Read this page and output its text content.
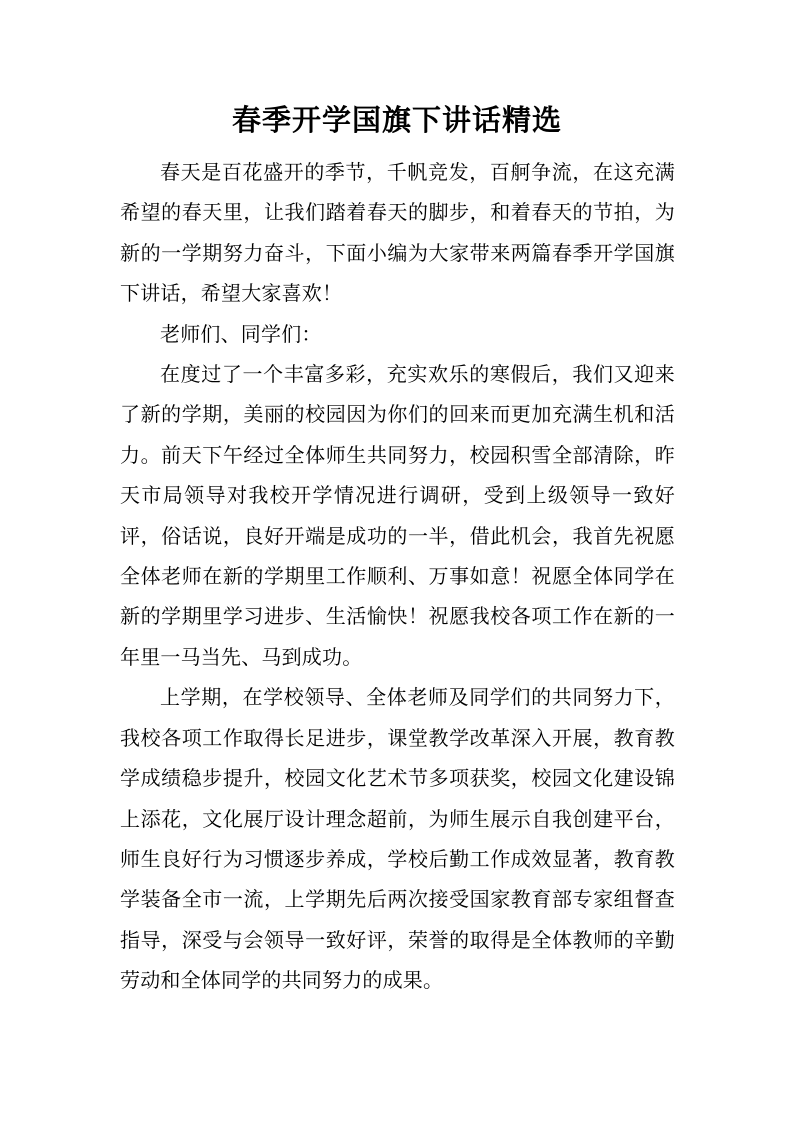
春季开学国旗下讲话精选

春天是百花盛开的季节，千帆竞发，百舸争流，在这充满希望的春天里，让我们踏着春天的脚步，和着春天的节拍，为新的一学期努力奋斗，下面小编为大家带来两篇春季开学国旗下讲话，希望大家喜欢！

老师们、同学们：

在度过了一个丰富多彩，充实欢乐的寒假后，我们又迎来了新的学期，美丽的校园因为你们的回来而更加充满生机和活力。前天下午经过全体师生共同努力，校园积雪全部清除，昨天市局领导对我校开学情况进行调研，受到上级领导一致好评，俗话说，良好开端是成功的一半，借此机会，我首先祝愿全体老师在新的学期里工作顺利、万事如意！祝愿全体同学在新的学期里学习进步、生活愉快！祝愿我校各项工作在新的一年里一马当先、马到成功。

上学期，在学校领导、全体老师及同学们的共同努力下，我校各项工作取得长足进步，课堂教学改革深入开展，教育教学成绩稳步提升，校园文化艺术节多项获奖，校园文化建设锦上添花，文化展厅设计理念超前，为师生展示自我创建平台，师生良好行为习惯逐步养成，学校后勤工作成效显著，教育教学装备全市一流，上学期先后两次接受国家教育部专家组督查指导，深受与会领导一致好评，荣誉的取得是全体教师的辛勤劳动和全体同学的共同努力的成果。
